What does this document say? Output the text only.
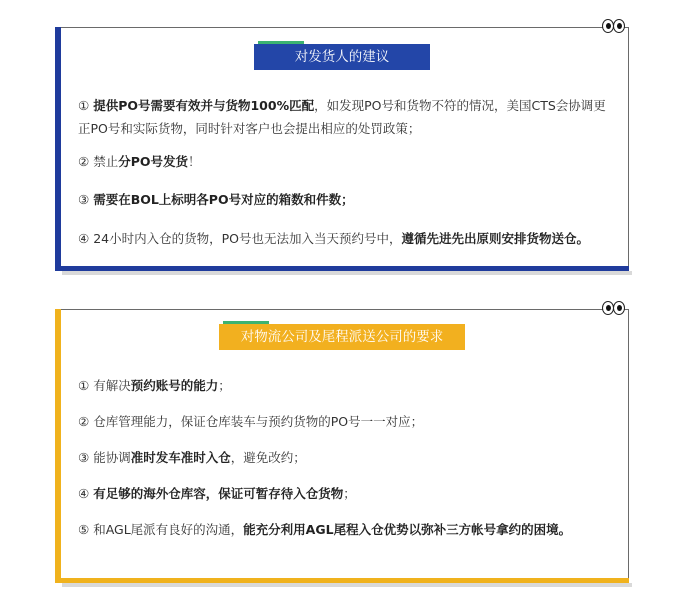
对发货人的建议
① 提供PO号需要有效并与货物100%匹配，如发现PO号和货物不符的情况，美国CTS会协调更正PO号和实际货物，同时针对客户也会提出相应的处罚政策；
② 禁止分PO号发货！
③ 需要在BOL上标明各PO号对应的箱数和件数；
④ 24小时内入仓的货物，PO号也无法加入当天预约号中，遵循先进先出原则安排货物送仓。
对物流公司及尾程派送公司的要求
① 有解决预约账号的能力；
② 仓库管理能力，保证仓库装车与预约货物的PO号一一对应；
③ 能协调准时发车准时入仓，避免改约；
④ 有足够的海外仓库容，保证可暂存待入仓货物；
⑤ 和AGL尾派有良好的沟通，能充分利用AGL尾程入仓优势以弥补三方帐号拿约的困境。
